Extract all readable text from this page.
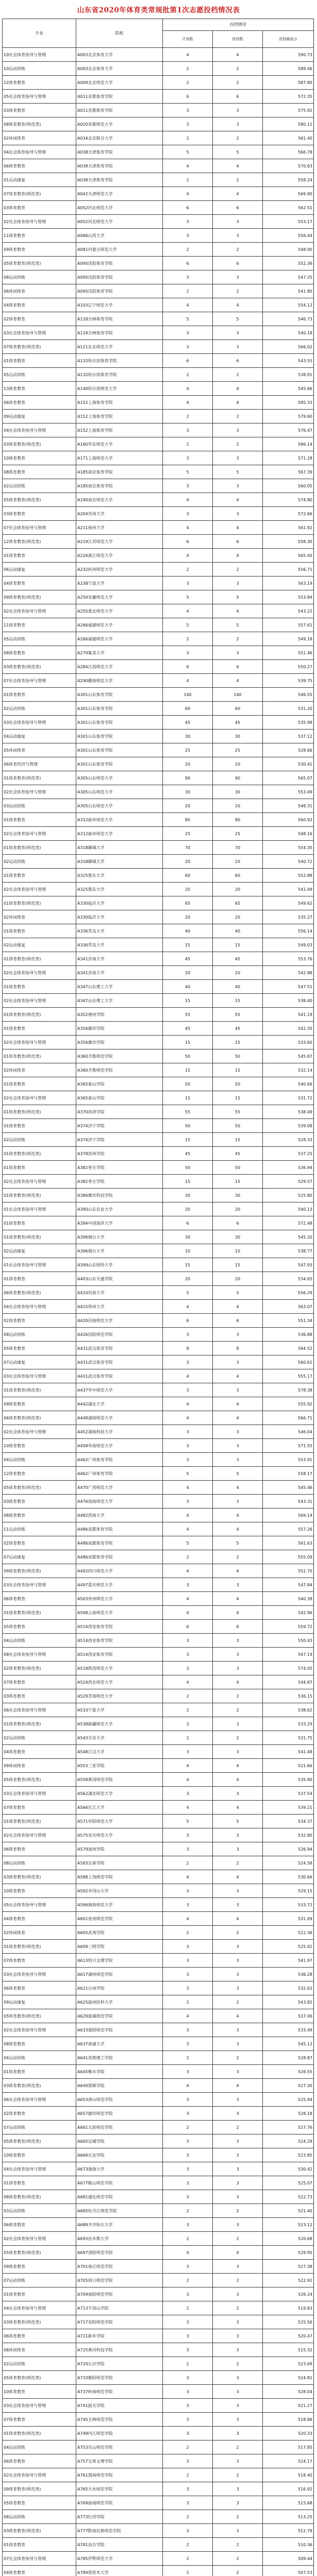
山东省2020年体育类常规批第1次志愿投档情况表
专业	院校	投档情况		
		计划数	投档数	投档最低分
10社会体育指导与管理	A003北京体育大学	4	4	590.73
10运动训练	A003北京体育大学	2	2	589.46
12体育教育	A009北京师范大学	2	2	587.80
05社会体育指导与管理	A011首都体育学院	6	6	572.35
03体育教育	A011首都体育学院	3	3	575.92
08体育教育(师范类)	A020首都师范大学	3	3	580.12
02休闲体育	A034北京联合大学	2	2	561.40
04社会体育指导与管理	A038天津体育学院	5	5	566.78
06体育教育	A038天津体育学院	4	4	570.63
01运动康复	A038天津体育学院	2	2	558.24
07体育教育(师范类)	A042天津师范大学	4	4	569.90
03体育教育	A052河北师范大学	6	6	562.51
02社会体育指导与管理	A052河北师范大学	3	3	553.17
11体育教育	A066山西大学	3	3	556.44
09体育教育	A081内蒙古师范大学	2	2	548.90
05体育教育(师范类)	A095沈阳体育学院	6	6	552.36
08运动训练	A095沈阳体育学院	3	3	547.25
06休闲体育	A095沈阳体育学院	2	2	541.80
04体育教育	A103辽宁师范大学	4	4	554.12
02体育教育	A118吉林体育学院	5	5	546.73
03社会体育指导与管理	A118吉林体育学院	3	3	540.18
07体育教育(师范类)	A121东北师范大学	3	3	566.02
01体育教育	A132哈尔滨体育学院	6	6	543.55
05运动训练	A132哈尔滨体育学院	2	2	538.91
13体育教育	A140哈尔滨师范大学	4	4	545.66
06体育教育	A152上海体育学院	4	4	585.33
09运动康复	A152上海体育学院	2	2	579.60
04社会体育指导与管理	A152上海体育学院	3	3	576.47
03体育教育(师范类)	A160华东师范大学	2	2	586.14
10体育教育	A171上海师范大学	3	3	571.28
08体育教育	A185南京体育学院	5	5	567.39
02运动训练	A185南京体育学院	3	3	560.05
05体育教育(师范类)	A190南京师范大学	4	4	574.80
03体育教育	A204苏州大学	3	3	572.66
07社会体育指导与管理	A211扬州大学	4	4	561.92
12体育教育(师范类)	A219江苏师范大学	6	6	558.30
01体育教育	A226浙江师范大学	4	4	565.45
06运动康复	A232杭州师范大学	2	2	556.71
04体育教育	A238宁波大学	3	3	563.19
09体育教育(师范类)	A250安徽师范大学	5	5	553.84
02社会体育指导与管理	A255淮北师范大学	4	4	543.22
11体育教育	A266福建师范大学	5	5	557.61
05运动训练	A266福建师范大学	2	2	549.18
08体育教育	A279集美大学	3	3	551.46
03体育教育(师范类)	A284江西师范大学	6	6	550.27
07社会体育指导与管理	A290赣南师范大学	4	4	539.75
01体育教育	A301山东体育学院	140	140	546.55
02运动训练	A301山东体育学院	60	60	531.20
03社会体育指导与管理	A301山东体育学院	45	45	535.98
04运动康复	A301山东体育学院	30	30	537.12
05休闲体育	A301山东体育学院	25	25	528.66
06体育经济与管理	A301山东体育学院	20	20	530.41
01体育教育(师范类)	A305山东师范大学	90	90	565.07
02社会体育指导与管理	A305山东师范大学	30	30	553.49
03运动训练	A305山东师范大学	20	20	548.31
01体育教育	A312曲阜师范大学	80	80	560.92
02社会体育指导与管理	A312曲阜师范大学	25	25	548.16
01体育教育(师范类)	A318聊城大学	70	70	554.35
02运动训练	A318聊城大学	20	20	540.72
01体育教育	A325鲁东大学	60	60	552.88
02社会体育指导与管理	A325鲁东大学	20	20	541.09
01体育教育(师范类)	A330临沂大学	65	65	549.62
02休闲体育	A330临沂大学	20	20	535.27
01体育教育	A336青岛大学	40	40	556.14
02运动康复	A336青岛大学	15	15	549.03
01体育教育(师范类)	A341济南大学	45	45	553.76
02社会体育指导与管理	A341济南大学	20	20	542.88
01体育教育	A347山东理工大学	40	40	547.51
02社会体育指导与管理	A347山东理工大学	15	15	538.40
01体育教育(师范类)	A352德州学院	55	55	541.19
01体育教育	A356潍坊学院	45	45	542.35
02社会体育指导与管理	A356潍坊学院	15	15	533.60
01体育教育(师范类)	A360齐鲁师范学院	50	50	545.87
02休闲体育	A360齐鲁师范学院	15	15	532.14
01体育教育	A365泰山学院	50	50	540.66
02社会体育指导与管理	A365泰山学院	15	15	531.72
01体育教育(师范类)	A370菏泽学院	55	55	538.49
01体育教育	A374济宁学院	50	50	539.08
02运动训练	A374济宁学院	15	15	528.33
01体育教育(师范类)	A378滨州学院	45	45	537.25
01体育教育	A382枣庄学院	50	50	536.94
02社会体育指导与管理	A382枣庄学院	15	15	529.57
01体育教育(师范类)	A386潍坊科技学院	30	30	525.80
01社会体育指导与管理	A390山东农业大学	20	20	540.13
01体育教育	A394中国海洋大学	6	6	572.48
01体育教育(师范类)	A396烟台大学	30	30	545.20
02运动康复	A396烟台大学	10	10	538.77
01社会体育指导与管理	A399山东财经大学	15	15	547.93
01体育教育	A403山东交通学院	20	20	534.65
06体育教育(师范类)	A410河南大学	5	5	556.29
04社会体育指导与管理	A415郑州大学	4	4	563.07
02体育教育	A420河南师范大学	6	6	551.34
08运动训练	A426信阳师范学院	3	3	536.88
05体育教育	A431武汉体育学院	8	8	564.52
07运动康复	A431武汉体育学院	3	3	560.61
03社会体育指导与管理	A431武汉体育学院	4	4	555.17
01体育教育(师范类)	A437华中师范大学	3	3	578.38
09体育教育	A442湖北大学	4	4	555.92
06体育教育(师范类)	A448湖南师范大学	4	4	566.71
02社会体育指导与管理	A452湖南科技大学	3	3	546.04
10体育教育	A458华南师范大学	3	3	571.55
04运动训练	A462广州体育学院	3	3	553.91
12体育教育	A462广州体育学院	5	5	558.17
05体育教育(师范类)	A470广西师范大学	4	4	545.46
03体育教育	A476海南师范大学	3	3	543.31
08体育教育	A482西南大学	4	4	569.14
11运动训练	A486成都体育学院	4	4	557.26
02体育教育	A486成都体育学院	5	5	561.63
07运动康复	A486成都体育学院	2	2	555.09
09体育教育(师范类)	A492四川师范大学	4	4	552.70
03社会体育指导与管理	A497重庆师范大学	3	3	547.84
06体育教育	A503贵州师范大学	4	4	540.38
01体育教育(师范类)	A508云南师范大学	4	4	542.96
05体育教育	A514西安体育学院	6	6	559.72
04运动训练	A514西安体育学院	3	3	550.43
08社会体育指导与管理	A514西安体育学院	3	3	547.19
02体育教育(师范类)	A519陕西师范大学	3	3	574.05
07体育教育	A524西北师范大学	4	4	544.87
03体育教育	A529青海师范大学	2	2	536.15
06社会体育指导与管理	A533宁夏大学	2	2	538.62
01体育教育(师范类)	A538新疆师范大学	3	3	533.29
02运动训练	A543吉首大学	2	2	531.75
04体育教育	A548江汉大学	3	3	541.48
09休闲体育	A553三亚学院	4	4	521.66
05体育教育(师范类)	A558黄冈师范学院	4	4	535.90
03社会体育指导与管理	A562湖北师范大学	3	3	537.54
07体育教育	A566长江大学	4	4	539.21
01体育教育(师范类)	A571阜阳师范大学	5	5	534.37
02社会体育指导与管理	A575安庆师范大学	3	3	532.80
06体育教育	A579池州学院	3	3	526.94
08运动训练	A583宜春学院	2	2	524.58
03体育教育(师范类)	A588上饶师范学院	4	4	530.66
10体育教育	A592井冈山大学	3	3	529.15
05社会体育指导与管理	A596闽南师范大学	3	3	533.72
04体育教育	A601泉州师范学院	4	4	531.09
02休闲体育	A605武夷学院	2	2	522.36
01体育教育(师范类)	A609三明学院	3	3	525.41
07体育教育	A613绍兴文理学院	3	3	541.97
03社会体育指导与管理	A617湖州师范学院	3	3	536.28
06体育教育	A621台州学院	3	3	532.63
09运动康复	A625温州医科大学	2	2	543.82
05体育教育(师范类)	A629盐城师范学院	4	4	537.06
02社会体育指导与管理	A633淮阴师范学院	3	3	533.49
08体育教育	A637南通大学	3	3	545.12
04运动训练	A641常熟理工学院	2	2	528.87
01体育教育	A645衡水学院	3	3	526.55
03体育教育(师范类)	A649邯郸学院	4	4	527.30
06社会体育指导与管理	A653唐山师范学院	3	3	525.94
02体育教育	A657廊坊师范学院	3	3	528.18
07运动训练	A661太原师范学院	2	2	527.76
05体育教育(师范类)	A665运城学院	3	3	524.29
10体育教育	A669长治学院	3	3	523.85
04社会体育指导与管理	A673渤海大学	3	3	530.42
01体育教育	A677鞍山师范学院	3	3	525.07
08体育教育(师范类)	A681通化师范学院	3	3	522.73
03运动训练	A685牡丹江师范学院	2	2	521.40
06体育教育	A689齐齐哈尔大学	3	3	523.12
02社会体育指导与管理	A693佳木斯大学	2	2	520.68
05体育教育(师范类)	A697洛阳师范学院	4	4	529.95
09体育教育	A701商丘师范学院	3	3	527.38
07运动训练	A705周口师范学院	2	2	522.91
01体育教育	A709南阳师范学院	3	3	526.24
04社会体育指导与管理	A713平顶山学院	2	2	519.83
03体育教育(师范类)	A717安阳师范学院	3	3	525.56
06体育教育	A721新乡学院	3	3	520.47
08休闲体育	A725黄河科技学院	3	3	515.32
02运动训练	A729长沙学院	2	2	523.69
05体育教育(师范类)	A733衡阳师范学院	3	3	524.81
10体育教育	A737岭南师范学院	3	3	528.04
03社会体育指导与管理	A741韶关学院	3	3	521.27
07体育教育	A745玉林师范学院	3	3	518.96
01体育教育(师范类)	A749内江师范学院	3	3	520.33
04运动训练	A753乐山师范学院	2	2	517.85
06体育教育	A757宝鸡文理学院	3	3	524.17
02社会体育指导与管理	A761渭南师范学院	2	2	518.40
09体育教育(师范类)	A765天水师范学院	3	3	516.92
05体育教育	A769曲靖师范学院	3	3	515.68
08运动训练	A773红河学院	2	2	513.25
03体育教育(师范类)	A777黔南民族师范学院	3	3	512.79
01体育教育	A781昌吉学院	2	2	510.36
07社会体育指导与管理	A785伊犁师范大学	2	2	509.44
04体育教育	A789塔里木大学	2	2	507.53
